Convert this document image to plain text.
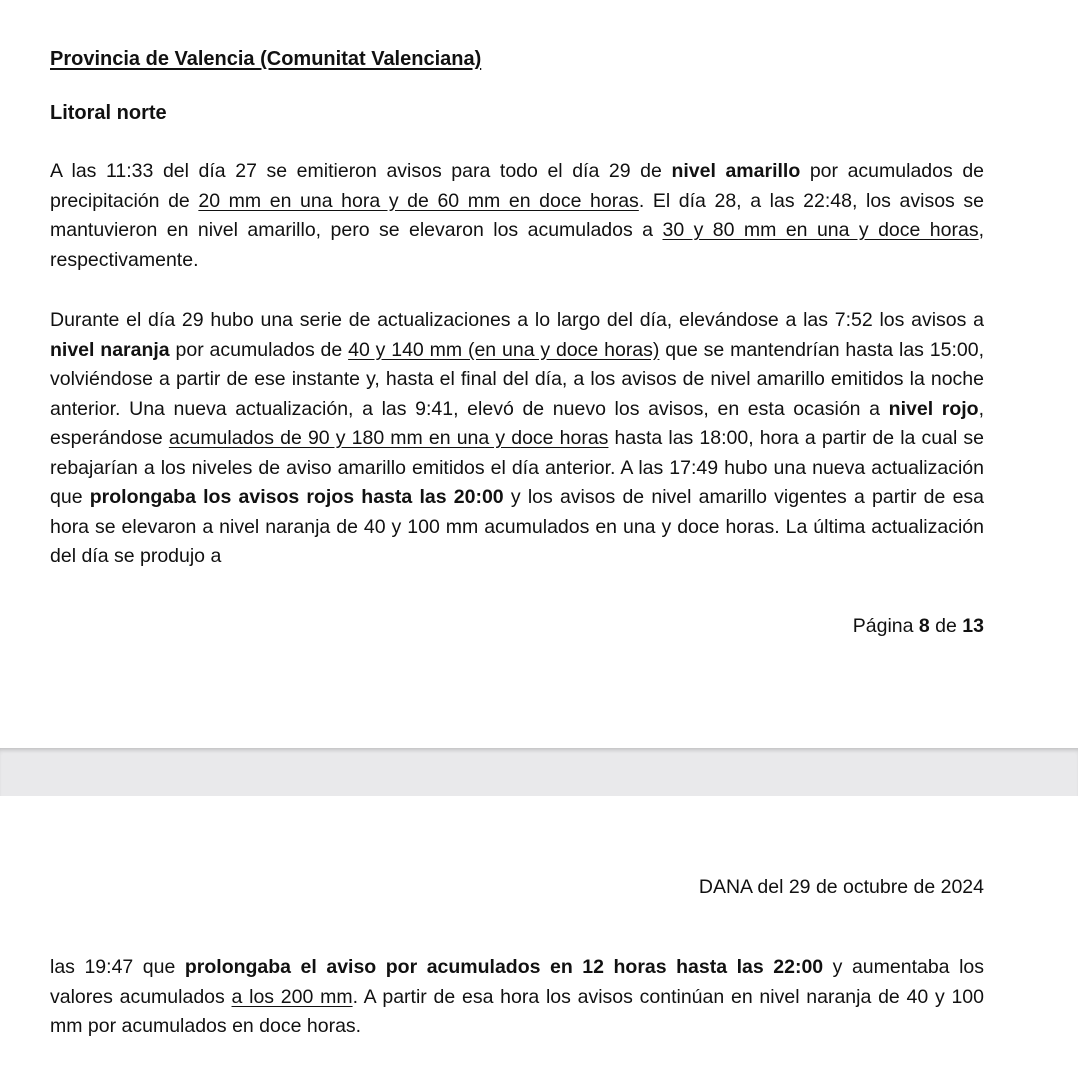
Provincia de Valencia (Comunitat Valenciana)
Litoral norte
A las 11:33 del día 27 se emitieron avisos para todo el día 29 de nivel amarillo por acumulados de precipitación de 20 mm en una hora y de 60 mm en doce horas. El día 28, a las 22:48, los avisos se mantuvieron en nivel amarillo, pero se elevaron los acumulados a 30 y 80 mm en una y doce horas, respectivamente.
Durante el día 29 hubo una serie de actualizaciones a lo largo del día, elevándose a las 7:52 los avisos a nivel naranja por acumulados de 40 y 140 mm (en una y doce horas) que se mantendrían hasta las 15:00, volviéndose a partir de ese instante y, hasta el final del día, a los avisos de nivel amarillo emitidos la noche anterior. Una nueva actualización, a las 9:41, elevó de nuevo los avisos, en esta ocasión a nivel rojo, esperándose acumulados de 90 y 180 mm en una y doce horas hasta las 18:00, hora a partir de la cual se rebajarían a los niveles de aviso amarillo emitidos el día anterior. A las 17:49 hubo una nueva actualización que prolongaba los avisos rojos hasta las 20:00 y los avisos de nivel amarillo vigentes a partir de esa hora se elevaron a nivel naranja de 40 y 100 mm acumulados en una y doce horas. La última actualización del día se produjo a
Página 8 de 13
DANA del 29 de octubre de 2024
las 19:47 que prolongaba el aviso por acumulados en 12 horas hasta las 22:00 y aumentaba los valores acumulados a los 200 mm. A partir de esa hora los avisos continúan en nivel naranja de 40 y 100 mm por acumulados en doce horas.
